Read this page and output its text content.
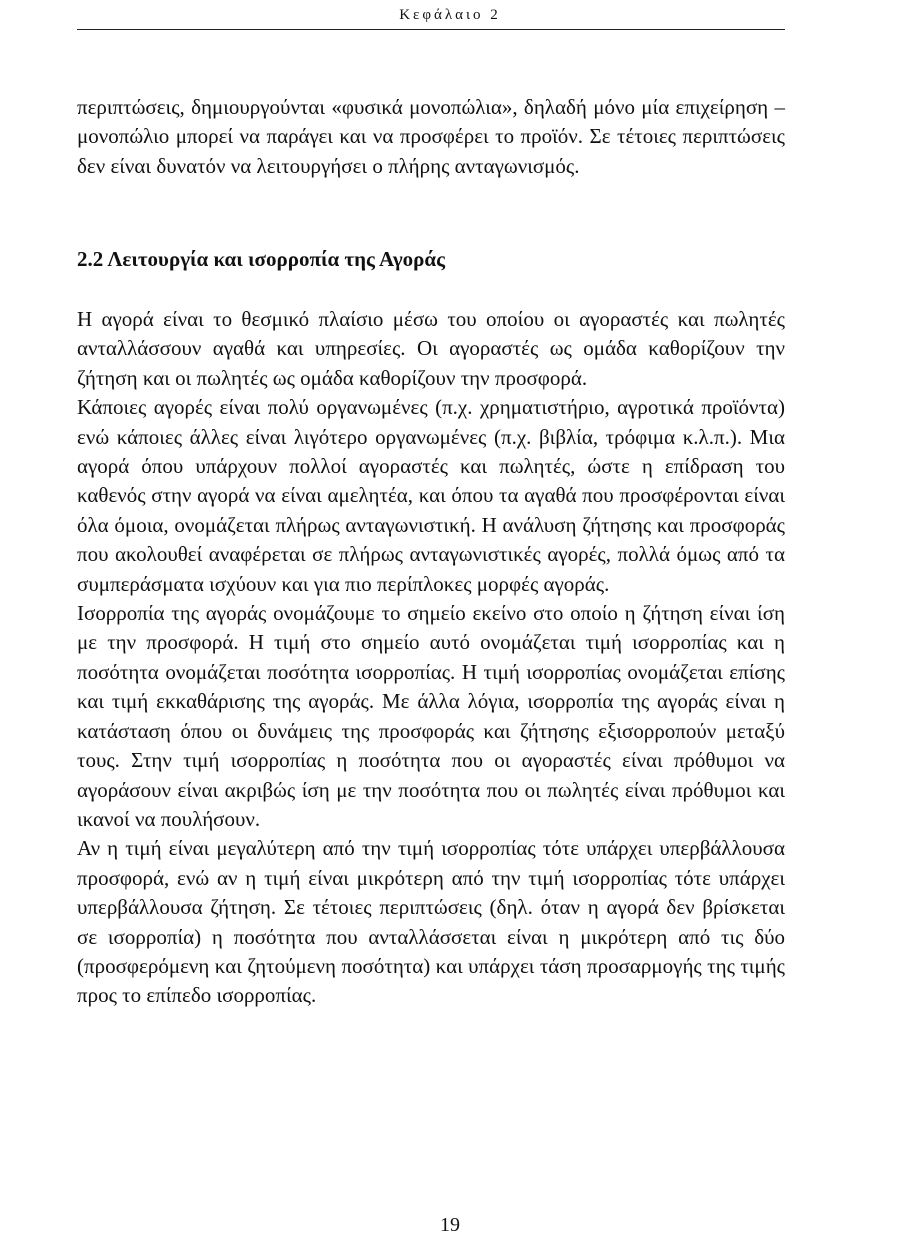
Κεφάλαιο 2

περιπτώσεις, δημιουργούνται «φυσικά μονοπώλια», δηλαδή μόνο μία επιχείρηση – μονοπώλιο μπορεί να παράγει και να προσφέρει το προϊόν. Σε τέτοιες περιπτώσεις δεν είναι δυνατόν να λειτουργήσει ο πλήρης ανταγωνισμός.

2.2 Λειτουργία και ισορροπία της Αγοράς

Η αγορά είναι το θεσμικό πλαίσιο μέσω του οποίου οι αγοραστές και πωλητές ανταλλάσσουν αγαθά και υπηρεσίες. Οι αγοραστές ως ομάδα καθορίζουν την ζήτηση και οι πωλητές ως ομάδα καθορίζουν την προσφορά.

Κάποιες αγορές είναι πολύ οργανωμένες (π.χ. χρηματιστήριο, αγροτικά προϊόντα) ενώ κάποιες άλλες είναι λιγότερο οργανωμένες (π.χ. βιβλία, τρόφιμα κ.λ.π.). Μια αγορά όπου υπάρχουν πολλοί αγοραστές και πωλητές, ώστε η επίδραση του καθενός στην αγορά να είναι αμελητέα, και όπου τα αγαθά που προσφέρονται είναι όλα όμοια, ονομάζεται πλήρως ανταγωνιστική. Η ανάλυση ζήτησης και προσφοράς που ακολουθεί αναφέρεται σε πλήρως ανταγωνιστικές αγορές, πολλά όμως από τα συμπεράσματα ισχύουν και για πιο περίπλοκες μορφές αγοράς.

Ισορροπία της αγοράς ονομάζουμε το σημείο εκείνο στο οποίο η ζήτηση είναι ίση με την προσφορά. Η τιμή στο σημείο αυτό ονομάζεται τιμή ισορροπίας και η ποσότητα ονομάζεται ποσότητα ισορροπίας. Η τιμή ισορροπίας ονομάζεται επίσης και τιμή εκκαθάρισης της αγοράς. Με άλλα λόγια, ισορροπία της αγοράς είναι η κατάσταση όπου οι δυνάμεις της προσφοράς και ζήτησης εξισορροπούν μεταξύ τους. Στην τιμή ισορροπίας η ποσότητα που οι αγοραστές είναι πρόθυμοι να αγοράσουν είναι ακριβώς ίση με την ποσότητα που οι πωλητές είναι πρόθυμοι και ικανοί να πουλήσουν.

Αν η τιμή είναι μεγαλύτερη από την τιμή ισορροπίας τότε υπάρχει υπερβάλλουσα προσφορά, ενώ αν η τιμή είναι μικρότερη από την τιμή ισορροπίας τότε υπάρχει υπερβάλλουσα ζήτηση. Σε τέτοιες περιπτώσεις (δηλ. όταν η αγορά δεν βρίσκεται σε ισορροπία) η ποσότητα που ανταλλάσσεται είναι η μικρότερη από τις δύο (προσφερόμενη και ζητούμενη ποσότητα) και υπάρχει τάση προσαρμογής της τιμής προς το επίπεδο ισορροπίας.

19
